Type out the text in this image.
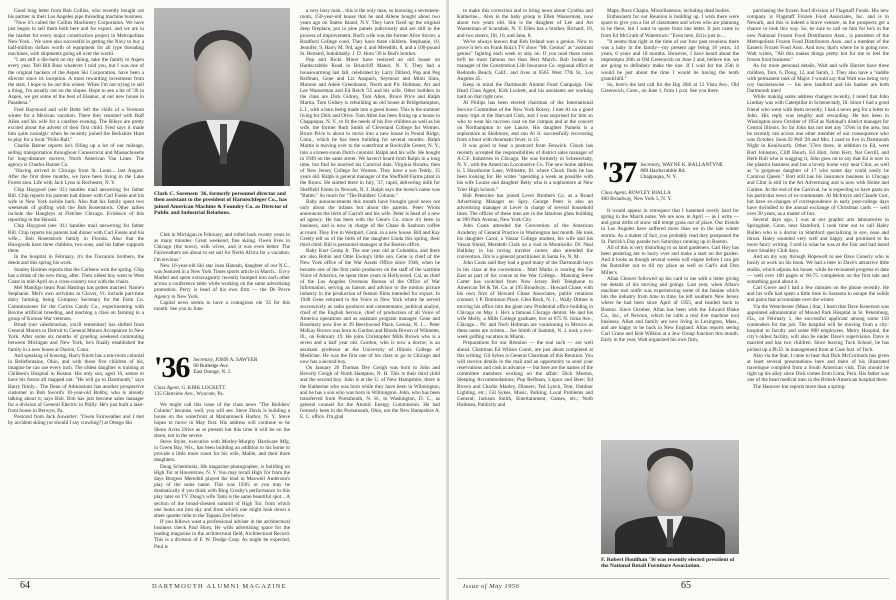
Good long letter from Bob Collins, who recently bought out his partner in their Los Angeles pipe threading machine business.

"Now it's called the Collins Machinery Corporation. We have just begun to sell them both here and for export, and we are in the market for every major construction project in Metropolitan New York... We were also successful in getting the Navy to buy a half-million dollars worth of equipment for all type threading machines, with shipments going all over the world.

"I am still a die-hard on my skiing, take the family to Aspen every year. Tell Bill Boss whatever I told you, but I was one of the original backers of the Aspen Ski Corporation, have been a director since its inception. A most rewarding investment from the start, I hope to be out this winter. When I'm not trying to sell a thing, I'm usually out on the slopes. Hope to see a lot of '36 in Aspen, we get some of the best of Eleanor, at our new house in Pasadena."

Fred Raymond and wife Bette left the chills of a Vermont winter for a Mexican vacation. There they reunited with Rolf Allen and his wife for a carefree evening. The Rileys are pretty excited about the advent of their first child. Fred says it made him quite nostalgic when he recently joined the Berkshire Hunt to play for a local "Polio Ball."

Charlie Barner reports he's filling up a lot of our mileage, selling transportation throughout Connecticut and Massachusetts for long-distance movers, North American Van Lines. The agency is Charles Barner Co.

"Having arrived in Chicago from St. Louis... last August. After the first three months, we have been living in the Lake Forest area. Life with Jack Lynn in Rochester, N. Y.

Chip Haygood (see '41) handles mail answering for father Bill. Chip reports his parents had dinner with Carl Fassie and his wife in New York awhile back. Also that his family spent two weekends of golfing with the Bob Rosenstock. Other tallies include the Hangleys at Fletcher Chicago. Evidence of this reporting in the Hawaii.

Chip Haygood (see '41) handles mail answering for father Bill. Chip reports his parents had dinner with Carl Fassie and his wife... Bob Rosenstock family in Florida. Also that the Hawgoods have three children, two sons, and his father supports them.

In the hospital in February, it's the Toscanini brothers, the deeds and this spring his work.

Stanley Holmes reports that the Carlsens won the spring. Chip has a drink of the new thing, after. Their oldest boy went to West Coast in mid-April on a cross-country tour with the chairs.

Mel Mandigo hears Paul Hastings has gotten married. Name's Stephanie. Mel's own activities in Glover, Vt. include part-time dairy farming, being Company Secretary for the Farm Co. Commissioner for the Curtiss Candy Co., experimenting with Bovine artificial breeding, and teaching a class on farming to a group of Korean War veterans.

Brush (our valedictorian, you'll remember) has shifted from General Motors to Detroit to General Motors Acceptance in New York. After some six months of grueling weekend commuting between Michigan and New York, he's finally established the family in a new house at Darien, Conn.

And speaking of housing, Harry Knott has a ten-room colonial in Bellefontaine, Ohio, and with those five children of his, imagine he can use every inch. The oldest daughter is training at Children's Hospital in Boston. His only son, aged 16, seems to have his future all mapped out. "He will go to Dartmouth," says Harry firmly... The Dean of Admissions has another prospective customer in Bob Sword's 10-year-old Bobby, who is already talking about it, says Bob. Bob has just become sales manager for a division of General Electric in Philly. He's just built a lake-front house in Berwyn, Pa.

Postcard from Jack Auwerter: "Owen Fairweather and I met by accident skiing (or should I say crawling?) at Otsego Ski

Clark C. Sorensen '36, formerly personnel director and then assistant to the president of Harnischfeger Co., has joined American Machine & Foundry Co. as Director of Public and Industrial Relations.

Club in Michigan in February, and rolled back twenty years in as many minutes. Great weekend, fine skiing. Owen lives in Chicago (the town), with wives, and it was even better. The Fairweathers are about to set sail for North Africa for a vacation. I'm envious."

New 16-year-old Ski star Joan Hannah, daughter of our N.C., was featured in a New York Times sports article in March... Evvy Marbel and spent extravagantly recently bumped into each other across a conference table while working on the same advertising promotion. Perry is head of his own firm — the De Pevre Agency in New York.

Capital news seems to have a contagious ole '35 for this month. See you in June.

'36 Secretary, JOHN A. SAWYER
60 Rutledge Ave.
East Orange, N. J.
Class Agent, G. KIRK LOCKETT
135 Glenview Ave., Wyncote, Pa.

We might call this issue of the class news "The Builders' Column" because, well, you will see. Steve Davis is building a house on the waterfront at Mamaroneck Harbor, N. Y. Steve hopes to move in May first. His address will continue to be Shore Acres Drive as at present but this time it will be on the shore, not in the severe.

Steve Styler, executive with Morley-Murphy Hardware Mfg. in Green Bay, Wis., has been building an addition to his home to provide a little more room for his wife, Mable, and their three daughters.

Doug Scheminski, life magazine photographer, is building on High Tor at Haverstraw, N. Y. You may recall High Tor from the days Burgess Meredith played the lead in Maxwell Anderson's play of the same name. This was 1936; or you may be dramatically if you think with Bing Crosby's performance in this play later on TV. Doug's wife Tami is the same beautiful spot... A section of the broad-chested summit of High Tor, from which one looks out into sky and from which one might look down a sheer quarter mile to the Tappan Zee below.

If you fellows want a professional adviser in the architectural business check Paul Horn, He wills advertising space for the leading magazine in the architectural field, Architectural Record. This is a division of F. W. Dodge Corp. As might be expected, Paul is

a very busy man... this is the only man, so knowing a seventeen-room, 150-year-old house that he and Allene bought about two years ago on Staten Island, N.Y. They have fixed up the original deep fireplace, put in pine panels judiciously and are still in the process of improvement. Bud's wife was the former Alice Stover, a Bradford College coed. They have three children, Stephanie, 10, Jennifer, 9, Harry M. 9rd, age 4, and Meredith, 8, and a 100-pound St. Bernard, Indubitably. J. D. Horn '39 is Bud's brother.

Pop and Ricki Miner have restored an old house on Hardscrabble Road in Briarcliff Manor, N. Y. They had a housewarming last fall, celebrated by Larry Dillard, Pop and Peg Reifman, Gene and Liz Anspach, Seymour and Mimi Sims, Monroe and Adele Greenbaum, North and Pic Holtman, Art and Lee Wasserman and Ed Reich '35 and his wife. Other builders in the class are Dick Gidney, Tom Allen, Bruce Price and Ralph Martin. Tom Gidney is rebuilding an old house at Bridgehampton, L.I., with a barn being made into a guest house. This is the summer living for Dick and Olive. Tom Allen has been fixing up a house in Chappaqua, N. Y., to fit the needs of his five children as well as his wife, the former Ruth Smith of Cleveland College for Women. Bruce Price is about to move into a new house in Pound Ridge, Conn., which he has been building for several months. Ralph Martin is moving over to the waterfront at Rockville Center, N. Y., into a sixteen-room Dutch colonial. Ralph and his wife. He bought in 1949 on the same street. We haven't heard from Ralph in a long time, but find he married his Carnival date, Virginia Brooks, then of New Jersey College for Women. They have a son Teddy, 15 years old. Ralph is general manager of the Sheffield Farms plant in the Bronx. He started there in July, '37, rapid, delivering milk for Sheffield Farms in Newark, N. J. Ralph says the horse's name was "Butter." So much for "The Builders' Column."

Baby announcements this month have brought good news not only about the infants but about the parents. Peter Wicks announces the birth of Carroll and his wife. Peter is head of a new ad agency. He has been with the Gene's Co. since it's been in business, and is now in charge of the Chase & Sanborn coffee account. They live in Westport, Conn. in a new house. Bill and Kay Greely tell us of the birth of the daughter Linda this spring, their third child. Bill is personnel manager at the Boston office.

Baby Kurt Gemp Jr. The one year old at Columbia, and there are also Robin and Ottie Ewing's little son. Gene is chief of the New York office of the War Assets Office since 1946, when he became one of the first radio producers on the staff of the wartime Voice of America, he spent three years in Hollywood. Cal, as chief of the Los Angeles Overseas Bureau of the Office of War Information, serving as liaison and advisor to the motion picture industry in the production of feature films intended for export. In 1948 Gene returned to the Voice in New York where he served successively as radio producer and commentator, political analyst, chief of the English Service, chief of production of all Voice of America operations and as assistant program manager. Gene and Rosemary now live at 39 Beechwood Place, Leonia, N. J.... Peter McKay Brown was born to Gordon and Rhoda Brown of Wilmette, Ill., on February 19. He joins Christopher Mills Brown who is a seven and a half year old. Gordon, who is now a doctor, is an assistant professor at the University of Illinois College of Medicine. He was the first one of his class to go to Chicago and now has a second boy.

On January 26 Thomas Dey Creigh was born to John and Beverly Creigh of North Hampton, N. H. This is their third child and the second boy. John is at the U. of New Hampshire, there is the Katherine who was born while they have been in Wilmington, and he has a son who was born in Wilmington. John, who has been transferred from Portsmouth, N. H., to Washington, D. C., as general counsel for the Atomic Energy Commission. He had formerly been in the Portsmouth, Ohio, not the New Hampshire A. E. C. office. I'm glad

64	DARTMOUTH ALUMNI MAGAZINE

to make this correction and to bring news about Cynthia and Katherine... Also in the baby group is Ellen Wasserman, now about two years old. She is the daughter of Lee and Art Wasserman of Scarsdale, N. Y. Ellen has a brother, Richard, 10, and two sisters, Jill, 10, and Jane, 8.

We've always known that Bob Ireland was a genius. Now to prove it he's on Frank Ruiz's TV show "Mr. Genius" as "assistant genius" fighting each week to stay on. If you read these notes he'll be most famous too than Bert March. Bob Ireland is manager of the Constitution Life Insurance Co. regional office at Redondo Beach, Calif., and lives at 6565 West 77th St., Los Angeles 45.

Keep in mind the Dartmouth Alumni Fund Campaign. Our Head Class Agent, Kirk Lockett, and his assistants are working hard on that right now.

Al Philips has been elected chairman of the International Service Committee of the New York Rotary. I met Al on a good many trips at the Harvard Club, and I was surprised for him so who to wear his raccoon coat on the campus and at the concert on Northampton to see Laurie. His daughter Pamela is a sophomore at Skidmore, and son Al Jr. successfully recovering from a bout with rheumatic fever, is 15.

It was good to hear a postcard from Fenwick. Chuck has recently accepted the responsibilities of district sales manager of A.C.F. Industries in Chicago. He was formerly in Schenectady, N. Y., with the American Locomotive Co. The new home address is 5 Hawthorne Lane, Wilmette, Ill. where Chuck finds he has been looking for. He writes "spending a week as possible with his wife Louise and daughter Betty who is a sophomore at New Trier High School."

Bob Peterzine has joined Lever Brothers Co. as a Brand Advertising Manager on Spry. George Peter is also an advertising manager at Lever in charge of several household lines. The offices of these men are in the fabulous glass building at 390 Park Avenue, New York City.

John Coats attended the Convention of the American Academy of General Practice in Washington last month. He took his daughter Carol, a Vassar College student, his wife and his Vassar friend, Merideth Clark on a visit to Monticello. Dr. Neal Halliday in his roving traveler career, also attended the convention. Jim is a general practitioner in Santa Fe, N. M.

John Coats said they had a good many of the Dartmouth boys in his class at the convention... Matt Marks is touring the Far East as part of his course at the War College... Manning Steve Carter has switched from New Jersey Bell Telephone to American Tel & Tel. Co. at 195 Broadway... Howard Chase, with his own firm of Howard Chase Associates, public relations counsel, 1 P. Dominion Place, Glen Rock, N. J... Wally Dittner is moving his office into the giant new Prudential office building in Chicago on May 1. He's a famous Chicago dentist. He and his wife Molly, a Mills College graduate, live at 675 N. Ionia Ave., Chicago... Pic and Norb Holtman are vacationing in Mexico as these notes are written... Joe Smith of Summit, N. J. took a two-week golfing vacation in Miami.

Preparations for our Reunion — the real such — are well ahead. Chairman Ed Wilson Comb, are just about completed at this writing. Gil Sykes is General Chairman of this Reunion. You will receive details in the mail and an opportunity to send your reservations and cash in advance — but here are the names of the committee members working on the affair: Dick Morton, Sleeping Accommodations; Pop Reifman, Liquor and Beer; Ed Brown and Charlie Manley, Dinners; Ted Lynch, Tent, Outdoor Lighting, etc.; Gil Sykes, Music, Parking, Local Problems and General; Jackson Smith, Entertainment, Games, etc.; Norb Holtman, Publicity and

Maps; Buzz Chapin, Miscellaneous, including dead bodies.

Enthusiasm for our Reunion is building up. I wish there were space to give you a list of classmates and wives who are planning to be there, but I want to quote from one letter. It just came in from Ed McGrath of Watertown: "Even here, Ed is just in ...

"It seems that right at the time of our four past reunions there was a baby in the family—my present age being 18 years, 14 years, 6 years and 18 months. However, I have heard about the impromptu 20th at Old Greenwich on June 2 and, believe me, we are going to definitely make the one. If I wait for the 25th it would be just about the time I would be having the tenth grandchild."

So, here's the last call for the Big 20th at 12 Vista Ave., Old Greenwich, Conn., on June 1, from 1 p.m. See you there.

'37 Secretary, WAYNE K. BALLANTYNE
889 Hardscrabble Rd.
Chappaqua, N. Y.
Class Agent, ROWLEY BIALLA
400 Broadway, New York 5, N. Y.

It would appear in retrospect that I hastened overly hard for spring in the March notes. We are now in April — as I write — and great drifts of snow still tempt grass out of place. Our friends in Los Angeles have suffered more than we in the late winter storms. As a matter of fact, you probably read they postponed the St. Patrick's Day parade two Saturdays running up in Boston.

All of this is very disturbing to us land gardeners. Carl Hoy has been pestering me to hurry over and make a start on the garden. And it looks as though several weeks will elapse before I can get the Rototiller out to till my place as well as Carl's and Don Miller's.

Allan Cleaver followed up his card to me with a letter giving me details of his moving and goings. Last year, when Allan's machine tool outfit was experiencing some of the famine which hits the industry from time to time, he left southern New Jersey where he had been since April of 1955, and headed back to Boston. Since October, Allan has been with the Edward Blake Co., Inc., of Newton, which he calls a real live machine tool business. Allan and family are now living in Lexington, Mass., and are happy to be back in New England. Allan reports seeing Carl Crane and Bob Wilkins at a Jew Group function this month. Early in the year, Walt organized his own firm,

F. Robert Houlihan '36 was recently elected president of the National Retail Furniture Association.

purchasing the frozen food division of Flagstaff Foods. His new company is Flagstaff Frozen Food Associates, Inc. and is in Newark, and this is indeed a brave venture, as the prospects get a chance to look this way. So, be sure to call on him for he's in the new National Frozen Food Distributors Assn., is president of the Metropolitan Frozen Food Distributors Assn. and a member of the Eastern Frozen Food Assn. And now, that's where he is going now. Walt writes, "All this makes things pretty hot for me to feel the frozen food business."

As for more personal details, Walt and wife Harriet have three children, Tom, 6, Doug, 12, and Sarah, 1. They also have a "saddle with permanent rank of Major. I would say that Walt was being very coy businesswise — his new landlord and his banker are both Dartmouth men!

While making some address changes recently, I noted that John Lindsay was with Caterpillar in Schenectady, Ill. Since I had a good friend who went with them recently, I had a news peg for a letter to John. His reply was lengthy and rewarding. He has been in Wissington since October of 1954 as National's district manager for Central Illinois. So far John has not met any '37ers in the area, but he recently ran across one other member of our consequence who was October. Soon El Pell '28 and Mrs. I used to live in Dartmouth Night in Kenilworth. Other '37ers there, in addition to Ed, were Burt Johnston, Cliff Hauch, Ed Hutt, John Kerr, Nat Gerrill, and Herb Bull who is wagging it, John goes on to say that Ed is now in the plastics business and has a lovely home very near Clint, as well as "a gorgeous daughter of 17 who some day could easily be Carnival Queen." Burt still has his insurance business in Chicago and Clint is still in the Art Advertising and is now with Home and Garden. At the end of the Carnival, he is expecting to have pasta on his particular news of ex-roommates. Al McIntyre and Claude Curt, but have ex-changes of correspondence in early post-college days have dwindled to the annual exchange of Christmas cards — well over 20 years, as a matter of fact.

Several days ago, I was at our graphic arts laboratories in Springdale, Conn. near Stamford, I took time out to call Haley Bullen who is a doctor in Stamford specializing in eye, nose and throat. Haley sounded very well and happy, and promised to do more fancy writing. I told in what he was at the Fair and had heard since Smalley Club days.

And on my way through Hopewell to see Dave Conerly who is busily at work on his book. We had a beer in Dave's attractive little studio, which adjoins his house, while he recounted progress to date — well over 100 pages or 60-75. completion on the first tale and something good about it.

Carl Greve and I had a few minutes on the phone recently. He and his wife had spent a little time in Sarasota to escape the solids and pains that accumulate over the winter.

Via the Westchester (Mass.) Star, I learn that Dave Kenerson was appointed administrator of Mound Park Hospital in St. Petersburg, Fla., on February 1, the successful applicant among some 150 contenders for the job. The hospital will be moving from a city-hospital to faculty and some 800 employees. Merry Hospital, the city's oldest facility, will also be under Dave's supervision. Dave is married and has two children. Since leaving Tuck School, he has picked up a Ph.D. in management from at Case Inst. of Tech.

Also via the Star, I came to hear that Dick McCormack has given at least several presentations here and there of his illustrated travelogue compiled from a South American visit. This should be right up his alley since Dick comes from Lima, Peru. His father was one of the head medical men in the British-American hospital there.

The Hanover Inn reports more than a spring-

Issue of May 1956	65
